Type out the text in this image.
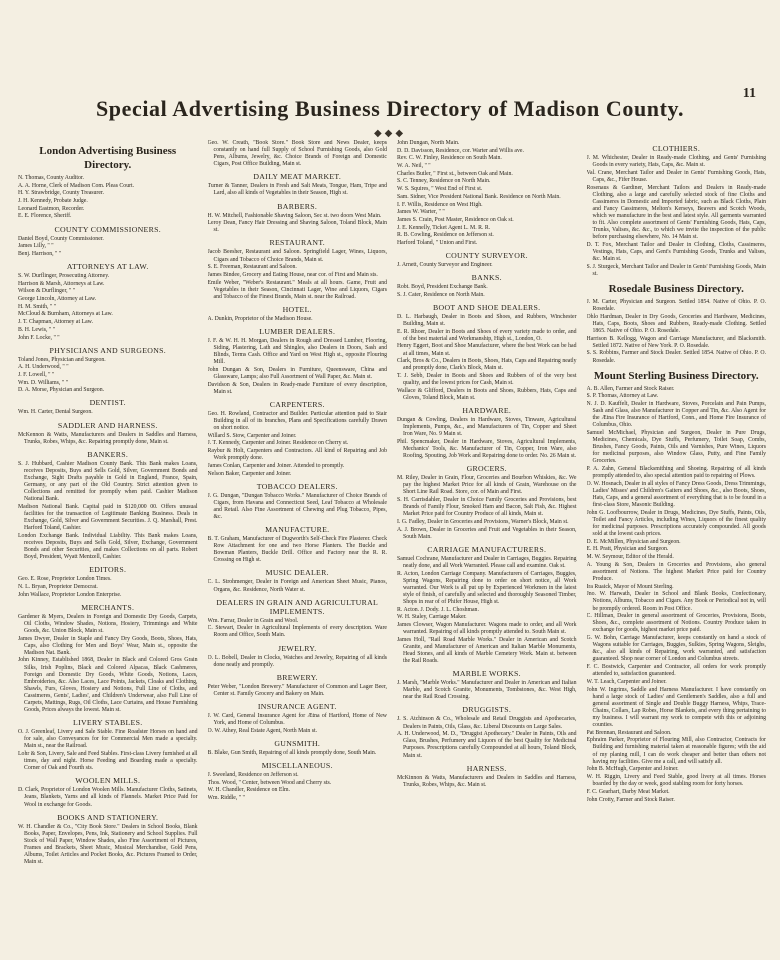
11
Special Advertising Business Directory of Madison County.
◆◆◆
London Advertising Business Directory.
N. Thomas, County Auditor.
A. A. Horne, Clerk of Madison Com. Pleas Court.
H. Y. Strawbridge, County Treasurer.
J. H. Kennedy, Probate Judge.
Leonard Eastmon, Recorder.
E. E. Florence, Sheriff.
COUNTY COMMISSIONERS.
Daniel Boyd, County Commissioner.
James Lilly, " "
Benj. Harrison, " "
ATTORNEYS AT LAW.
S. W. Durflinger, Prosecuting Attorney.
Harrison & Marsh, Attorneys at Law.
Wilson & Durflinger, " "
George Lincoln, Attorney at Law.
H. M. Smith, " "
McCloud & Burnham, Attorneys at Law.
J. T. Chapman, Attorney at Law.
B. H. Lewis, " "
John F. Locke, " "
PHYSICIANS AND SURGEONS.
Toland Jones, Physician and Surgeon.
A. H. Underwood, " "
J. F. Lowell, " "
Wm. D. Williams, " "
D. A. Morse, Physician and Surgeon.
DENTIST.
Wm. H. Carter, Dental Surgeon.
SADDLER AND HARNESS.
McKennon & Watts, Manufacturers and Dealers in Saddles and Harness, Trunks, Robes, Whips, &c. Repairing promptly done, Main st.
BANKERS.
S. J. Hubbard, Cashier Madison County Bank. This Bank makes Loans, receives Deposits, Buys and Sells Gold, Silver, Government Bonds and Exchange, Sight Drafts payable in Gold in England, France, Spain, Germany, or any part of the Old Country. Strict attention given to Collections and remitted for promptly when paid. Cashier Madison National Bank.
Madison National Bank. Capital paid in $120,000 00. Offers unusual facilities for the transaction of Legitimate Banking Business. Deals in Exchange, Gold, Silver and Government Securities. J. Q. Marshall, Prest. Harford Toland, Cashier.
London Exchange Bank. Individual Liability. This Bank makes Loans, receives Deposits, Buys and Sells Gold, Silver, Exchange, Government Bonds and other Securities, and makes Collections on all parts. Robert Boyd, President, Wyatt Mentzell, Cashier.
EDITORS.
Geo. E. Rose, Proprietor London Times.
N. L. Bryan, Proprietor Democrat.
John Wallace, Proprietor London Enterprise.
MERCHANTS.
Gardener & Myers, Dealers in Foreign and Domestic Dry Goods, Carpets, Oil Cloths, Window Shades, Notions, Hosiery, Trimmings and White Goods, &c. Union Block, Main st.
James Dwyer, Dealer in Staple and Fancy Dry Goods, Boots, Shoes, Hats, Caps, also Clothing for Men and Boys' Wear, Main st., opposite the Madison Nat. Bank.
John Kinney, Established 1868, Dealer in Black and Colored Gros Grain Silks, Irish Poplins, Black and Colored Alpacas, Black Cashmeres, Foreign and Domestic Dry Goods, White Goods, Notions, Laces, Embroideries, &c. Also Laces, Lace Points, Jackets, Cloaks and Clothing, Shawls, Furs, Gloves, Hosiery and Notions, Full Line of Cloths, and Cassimeres, Gents', Ladies', and Children's Underwear, also Full Line of Carpets, Mattings, Rugs, Oil Cloths, Lace Curtains, and House Furnishing Goods, Prices always the lowest. Main st.
LIVERY STABLES.
O. J. Greenleaf, Livery and Sale Stable. Fine Roadster Horses on hand and for sale, also Conveyances for for Commercial Men made a specialty. Main st., near the Railroad.
Lohr & Son, Livery, Sale and Feed Stables. First-class Livery furnished at all times, day and night. Horse Feeding and Boarding made a specialty. Corner of Oak and Fourth sts.
WOOLEN MILLS.
D. Clark, Proprietor of London Woolen Mills. Manufacturer Cloths, Satinets, Jeans, Blankets, Yarns and all kinds of Flannels. Market Price Paid for Wool in exchange for Goods.
BOOKS AND STATIONERY.
W. H. Chandler & Co., "City Book Store." Dealers in School Books, Blank Books, Paper, Envelopes, Pens, Ink, Stationery and School Supplies. Full Stock of Wall Paper, Window Shades, also Fine Assortment of Pictures, Frames and Brackets, Sheet Music, Musical Merchandise, Gold Pens, Albums, Toilet Articles and Pocket Books, &c. Pictures Framed to Order, Main st.
Geo. W. Creath, "Book Store." Book Store and News Dealer, keeps constantly on hand full Supply of School Furnishing Goods, also Gold Pens, Albums, Jewelry, &c. Choice Brands of Foreign and Domestic Cigars, Post Office Building, Main st.
DAILY MEAT MARKET.
Turner & Tanner, Dealers in Fresh and Salt Meats, Tongue, Ham, Tripe and Lard, also all kinds of Vegetables in their Season, High st.
BARBERS.
H. W. Mitchell, Fashionable Shaving Saloon, Sec st. two doors West Main.
Leroy Dean, Fancy Hair Dressing and Shaving Saloon, Toland Block, Main st.
RESTAURANT.
Jacob Beesher, Restaurant and Saloon. Springfield Lager, Wines, Liquors, Cigars and Tobacco of Choice Brands, Main st.
S. E. Freeman, Restaurant and Saloon.
James Bindee, Grocery and Eating House, near cor. of First and Main sts.
Emile Weber, "Weber's Restaurant." Meals at all hours. Game, Fruit and Vegetables in their Season, Cincinnati Lager, Wine and Liquors, Cigars and Tobacco of the Finest Brands, Main st. near the Railroad.
HOTEL.
A. Dunkin, Proprietor of the Madison House.
LUMBER DEALERS.
J. F. & W. H. H. Morgan, Dealers in Rough and Dressed Lumber, Flooring, Siding, Plastering, Lath and Shingles, also Dealers in Doors, Sash and Blinds, Terms Cash. Office and Yard on West High st., opposite Flouring Mill.
John Dungan & Son, Dealers in Furniture, Queensware, China and Glassware, Lamps; also Full Assortment of Wall Paper, &c. Main st.
Davidson & Son, Dealers in Ready-made Furniture of every description, Main st.
CARPENTERS.
Geo. H. Rowland, Contractor and Builder. Particular attention paid to Stair Building in all of its branches, Plans and Specifications carefully Drawn on short notice.
Willard S. Stow, Carpenter and Joiner.
J. T. Kennedy, Carpenter and Joiner. Residence on Cherry st.
Raybur & Holt, Carpenters and Contractors. All kind of Repairing and Job Work promptly done.
James Conlan, Carpenter and Joiner. Attended to promptly.
Nelson Baker, Carpenter and Joiner.
TOBACCO DEALERS.
J. G. Dungan, "Dungan Tobacco Works." Manufacturer of Choice Brands of Cigars, from Havana and Connecticut Seed, Leaf Tobacco at Wholesale and Retail. Also Fine Assortment of Chewing and Plug Tobacco, Pipes, &c.
MANUFACTURE.
B. T. Graham, Manufacturer of Dugworth's Self-Check Fire Plasterer. Check Row Attachment for one and two Horse Planters. The Buckle and Bowman Planters, Buckle Drill. Office and Factory near the R. R. Crossing on High st.
MUSIC DEALER.
C. L. Strohmenger, Dealer in Foreign and American Sheet Music, Pianos, Organs, &c. Residence, North Water st.
DEALERS IN GRAIN AND AGRICULTURAL IMPLEMENTS.
Wm. Farrar, Dealer in Grain and Wool.
C. Stewart, Dealer in Agricultural Implements of every description. Ware Room and Office, South Main.
JEWELRY.
O. L. Bobell, Dealer in Clocks, Watches and Jewelry, Repairing of all kinds done neatly and promptly.
BREWERY.
Peter Weber, "London Brewery." Manufacturer of Common and Lager Beer, Center st. Family Grocery and Bakery on Main.
INSURANCE AGENT.
J. W. Card, General Insurance Agent for Ætna of Hartford, Home of New York, and Home of Columbus.
O. W. Athey, Real Estate Agent, North Main st.
GUNSMITH.
B. Blake, Gun Smith, Repairing of all kinds promptly done, South Main.
MISCELLANEOUS.
J. Sweeland, Residence on Jefferson st.
Thos. Wood, " Center, between Wood and Cherry sts.
W. H. Chandler, Residence on Elm.
Wm. Riddle, " "
John Dungan, North Main.
D. D. Davisson, Residence, cor. Warter and Willis ave.
Rev. C. W. Finley, Residence on South Main.
W. A. Neil, " "
Charles Butler, " First st., between Oak and Main.
S. C. Tenney, Residence on North Main.
W. S. Squires, " West End of First st.
Sam. Sidner, Vice President National Bank. Residence on North Main.
I. F. Willis, Residence on West High.
James W. Warter, " "
James S. Crain, Post Master, Residence on Oak st.
J. E. Kennelly, Ticket Agent L. M. R. R.
R. B. Cowling, Residence on Jefferson st.
Harford Toland, " Union and First.
COUNTY SURVEYOR.
J. Arnett, County Surveyor and Engineer.
BANKS.
Robt. Boyd, President Exchange Bank.
S. J. Cater, Residence on North Main.
BOOT AND SHOE DEALERS.
D. L. Harbaugh, Dealer in Boots and Shoes, and Rubbers, Winchester Building, Main st.
E. R. Rhoer, Dealer in Boots and Shoes of every variety made to order, and of the best material and Workmanship, High st., London, O.
Henry Eggert, Boot and Shoe Manufacturer, where the best Work can be had at all times, Main st.
Clark, Bros & Co., Dealers in Boots, Shoes, Hats, Caps and Repairing neatly and promptly done, Clark's Block, Main st.
T. J. Sebb, Dealer in Boots and Shoes and Rubbers of of the very best quality, and the lowest prices for Cash, Main st.
Wallace & Glifford, Dealers in Boots and Shoes, Rubbers, Hats, Caps and Gloves, Toland Block, Main st.
HARDWARE.
Dungan & Cowling, Dealers in Hardware, Stoves, Tinware, Agricultural Implements, Pumps, &c., and Manufacturers of Tin, Copper and Sheet Iron Ware, No. 9 Main st.
Phil. Spencmaker, Dealer in Hardware, Stoves, Agricultural Implements, Mechanics' Tools, &c. Manufacturer of Tin, Copper, Iron Ware, also Roofing, Spouting, Job Work and Repairing done to order. No. 26 Main st.
GROCERS.
M. Riley, Dealer in Grain, Flour, Groceries and Bourbon Whiskies, &c. We pay the highest Market Price for all kinds of Grain, Warehouse on the Short Line Rail Road. Store, cor. of Main and First.
S. H. Carrisdahler, Dealer in Choice Family Groceries and Provisions, best Brands of Family Flour, Smoked Ham and Bacon, Salt Fish, &c. Highest Market Price paid for Country Produce of all kinds, Main st.
I. G. Fadley, Dealer in Groceries and Provisions, Warner's Block, Main st.
A. J. Brown, Dealer in Groceries and Fruit and Vegetables in their Season, South Main.
CARRIAGE MANUFACTURERS.
Samuel Cochrane, Manufacturer and Dealer in Carriages, Buggies. Repairing neatly done, and all Work Warranted. Please call and examine. Oak st.
R. Acton, London Carriage Company. Manufacturers of Carriages, Buggies, Spring Wagons, Repairing done to order on short notice, all Work warranted. Our Work is all put up by Experienced Workmen in the latest style of finish, of carefully and selected and thoroughly Seasoned Timber, Shops in rear of of Phifer House, High st.
R. Acton. J. Dody. J. L. Choshman.
W. H. Staley, Carriage Maker.
James Clowser, Wagon Manufacturer. Wagons made to order, and all Work warranted. Repairing of all kinds promptly attended to. South Main st.
James Holl, "Rail Road Marble Works." Dealer in American and Scotch Granite, and Manufacturer of American and Italian Marble Monuments, Head Stones, and all kinds of Marble Cemetery Work. Main st. between the Rail Roads.
MARBLE WORKS.
J. Marsh, "Marble Works." Manufacturer and Dealer in American and Italian Marble, and Scotch Granite, Monuments, Tombstones, &c. West High, near the Rail Road Crossing.
DRUGGISTS.
J. S. Atchinson & Co., Wholesale and Retail Druggists and Apothecaries, Dealers in Paints, Oils, Glass, &c. Liberal Discounts on Large Sales.
A. H. Underwood, M. D., "Druggist Apothecary." Dealer in Paints, Oils and Glass, Brushes, Perfumery and Liquors of the best Quality for Medicinal Purposes. Prescriptions carefully Compounded at all hours, Toland Block, Main st.
HARNESS.
McKinnon & Watts, Manufacturers and Dealers in Saddles and Harness, Trunks, Robes, Whips, &c. Main st.
CLOTHIERS.
J. M. Whichester, Dealer in Ready-made Clothing, and Gents' Furnishing Goods in every variety, Hats, Caps, &c. Main st.
Val. Crane, Merchant Tailor and Dealer in Gents' Furnishing Goods, Hats, Caps, &c., Fifer House.
Rosenaus & Gardiner, Merchant Tailors and Dealers in Ready-made Clothing, also a large and carefully selected stock of fine Cloths and Cassimeres in Domestic and Imported fabric, such as Black Cloths, Plain and Fancy Cassimeres, Melton's Kerseys, Beavers and Scotch Woods, which we manufacture in the best and latest style. All garments warranted to fit. Also complete assortment of Gents' Furnishing Goods, Hats, Caps, Trunks, Valises, &c. &c., to which we invite the inspection of the public before purchasing elsewhere, No. 14 Main st.
D. T. Fox, Merchant Tailor and Dealer in Clothing, Cloths, Cassimeres, Vestings, Hats, Caps, and Gent's Furnishing Goods, Trunks and Valises, &c. Main st.
S. J. Sturgeck, Merchant Tailor and Dealer in Gents' Furnishing Goods, Main st.
Rosedale Business Directory.
J. M. Carter, Physician and Surgeon. Settled 1854. Native of Ohio. P. O. Rosedale.
Ohlo Hardman, Dealer in Dry Goods, Groceries and Hardware, Medicines, Hats, Caps, Boots, Shoes and Rubbers, Ready-made Clothing. Settled 1865. Native of Ohio. P. O. Rosedale.
Harrison B. Kellogg, Wagon and Carriage Manufacturer, and Blacksmith. Settled 1872. Native of New York. P. O. Rosedale.
S. S. Robbins, Farmer and Stock Dealer. Settled 1854. Native of Ohio. P. O. Rosedale.
Mount Sterling Business Directory.
A. B. Allen, Farmer and Stock Raiser.
S. P. Thomas, Attorney at Law.
N. J. D. Kauffelt, Dealer in Hardware, Stoves, Porcelain and Pain Pumps, Sash and Glass, also Manufacturer in Copper and Tin, &c. Also Agent for the Ætna Fire Insurance of Hartford, Conn., and Home Fire Insurance of Columbus, Ohio.
Samuel McMichael, Physician and Surgeon, Dealer in Pure Drugs, Medicines, Chemicals, Dye Stuffs, Perfumery, Toilet Soap, Combs, Brushes, Fancy Goods, Paints, Oils and Varnishes, Pure Wines, Liquors for medicinal purposes, also Window Glass, Putty, and Fine Family Groceries.
P. A. Zahn, General Blacksmithing and Shoeing. Repairing of all kinds promptly attended to, also special attention paid to repairing of Plows.
O. W. Hosnach, Dealer in all styles of Fancy Dress Goods, Dress Trimmings, Ladies' Misses' and Children's Gaiters and Shoes, &c., also Boots, Shoes, Hats, Caps, and a general assortment of everything that is to be found in a first-class Store, Masonic Building.
John G. Loofbourrow, Dealer in Drugs, Medicines, Dye Stuffs, Paints, Oils, Toilet and Fancy Articles, including Wines, Liquors of the finest quality for medicinal purposes. Prescriptions accurately compounded. All goods sold at the lowest cash prices.
D. E. McMillen, Physician and Surgeon.
E. H. Pratt, Physician and Surgeon.
M. W. Seymour, Editor of the Herald.
A. Young & Son, Dealers in Groceries and Provisions, also general assortment of Notions. The highest Market Price paid for Country Produce.
Ira Ruaick, Mayor of Mount Sterling.
Jno. W. Harwath, Dealer in School and Blank Books, Confectionary, Notions, Albums, Tobacco and Cigars. Any Book or Periodical not in, will be promptly ordered. Room in Post Office.
C. Hillman, Dealer in general assortment of Groceries, Provisions, Boots, Shoes, &c., complete assortment of Notions. Country Produce taken in exchange for goods, highest market price paid.
G. W. Bohn, Carriage Manufacturer, keeps constantly on hand a stock of Wagons suitable for Carriages, Buggies, Sulkies, Spring Wagons, Sleighs, &c., also all kinds of Repairing, work warranted, and satisfaction guaranteed. Shop near corner of London and Columbus streets.
F. C. Bostwick, Carpenter and Contractor, all orders for work promptly attended to, satisfaction guaranteed.
W. T. Leach, Carpenter and Joiner.
John W. Ingrims, Saddle and Harness Manufacturer. I have constantly on hand a large stock of Ladies' and Gentlemen's Saddles, also a full and general assortment of Single and Double Buggy Harness, Whips, Trace-Chains, Collars, Lap Robes, Horse Blankets, and every thing pertaining to my business. I will warrant my work to compete with this or adjoining counties.
Pat Brennan, Restaurant and Saloon.
Ephraim Parker, Proprietor of Flouring Mill, also Contractor, Contracts for Building and furnishing material taken at reasonable figures; with the aid of my planing mill, I can do work cheaper and better than others not having my facilities. Give me a call, and will satisfy all.
John B. McHugh, Carpenter and Joiner.
W. H. Riggin, Livery and Feed Stable, good livery at all times. Horses boarded by the day or week, good stabling room for forty horses.
F. C. Gearhart, Darby Meat Market.
John Crotty, Farmer and Stock Raiser.
